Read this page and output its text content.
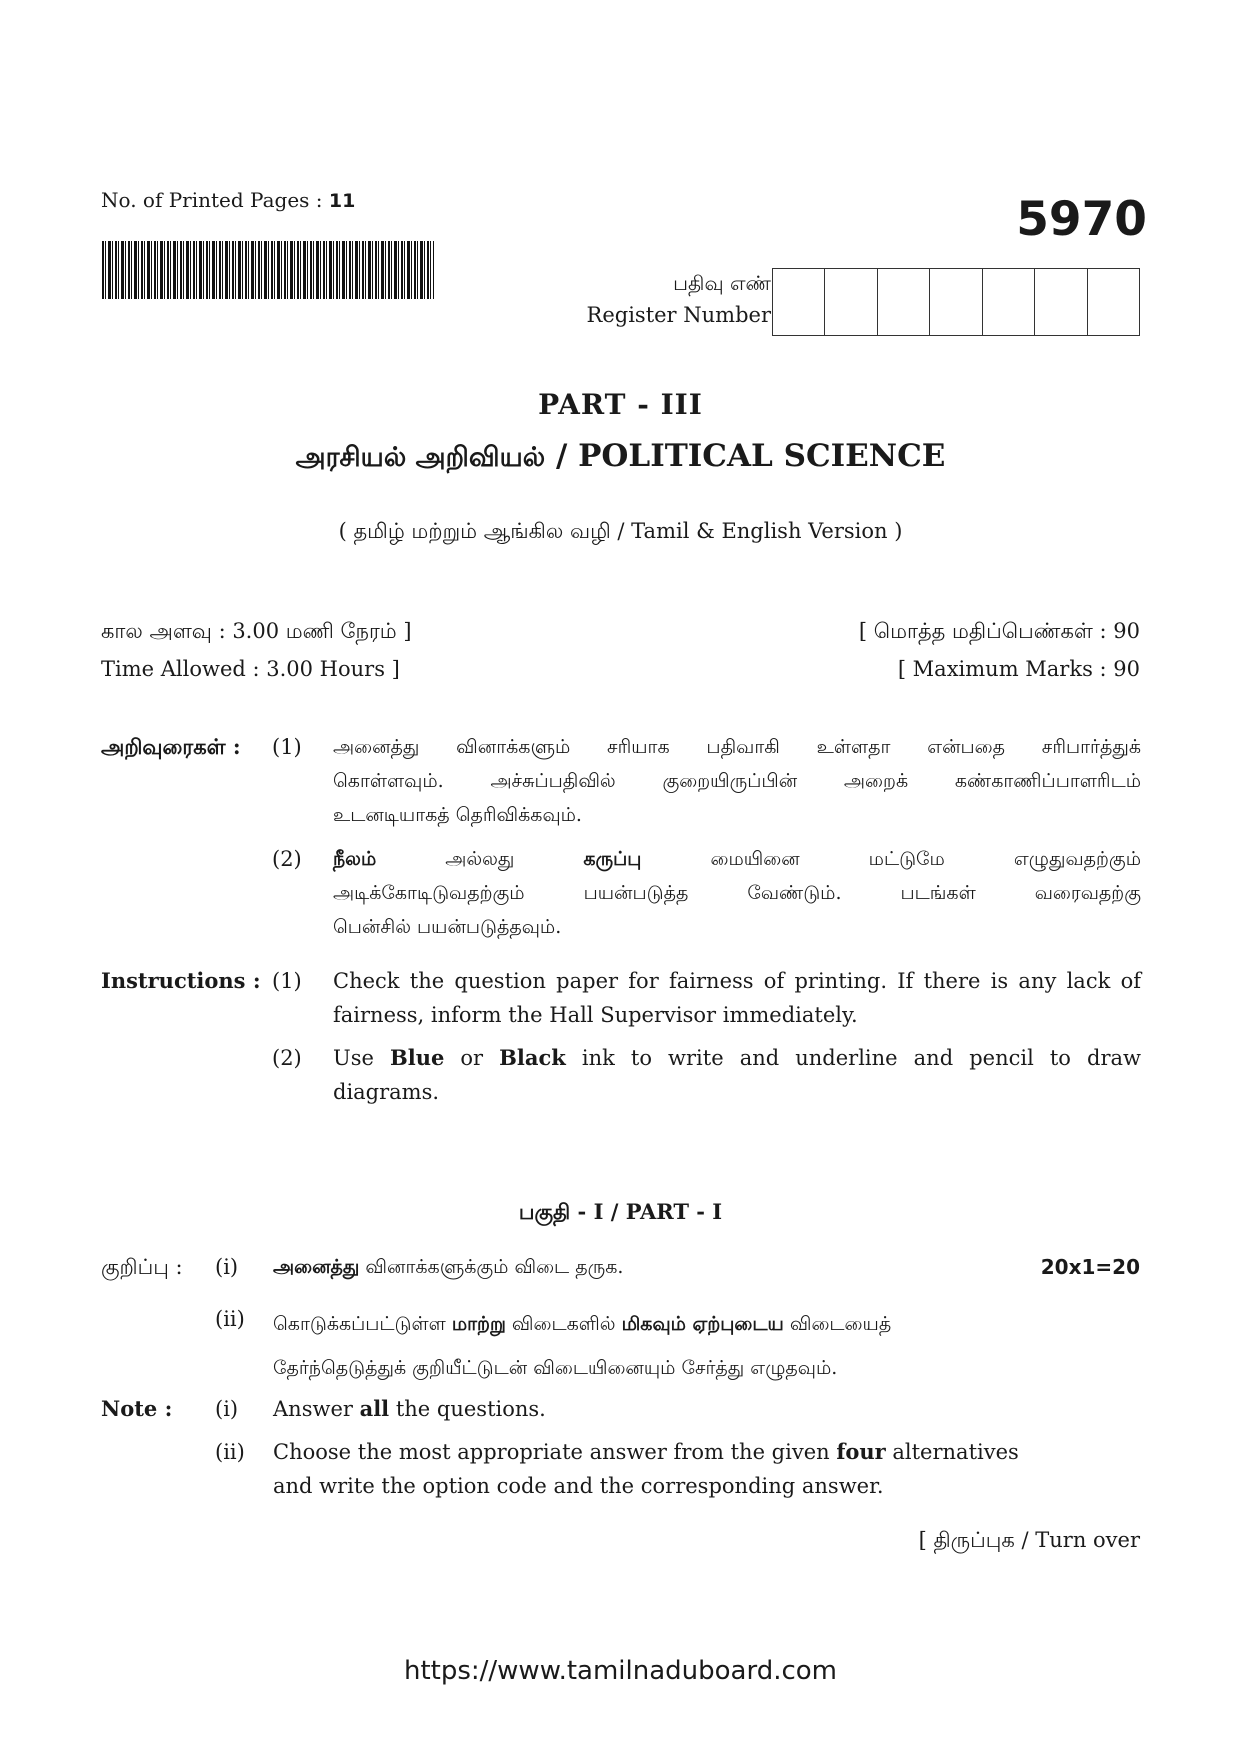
No. of Printed Pages : 11	5970
பதிவு எண்
Register Number
PART - III
அரசியல் அறிவியல் / POLITICAL SCIENCE
( தமிழ் மற்றும் ஆங்கில வழி / Tamil & English Version )
கால அளவு : 3.00 மணி நேரம் ]
Time Allowed : 3.00 Hours ]
[ மொத்த மதிப்பெண்கள் : 90
[ Maximum Marks : 90
அறிவுரைகள் : (1) அனைத்து வினாக்களும் சரியாக பதிவாகி உள்ளதா என்பதை சரிபார்த்துக்
கொள்ளவும். அச்சுப்பதிவில் குறையிருப்பின் அறைக் கண்காணிப்பாளரிடம்
உடனடியாகத் தெரிவிக்கவும்.
(2) நீலம்	அல்லது	கருப்பு	மையினை	மட்டுமே	எழுதுவதற்கும்
அடிக்கோடிடுவதற்கும் பயன்படுத்த வேண்டும். படங்கள் வரைவதற்கு
பென்சில் பயன்படுத்தவும்.
Instructions : (1) Check the question paper for fairness of printing. If there is any lack of
fairness, inform the Hall Supervisor immediately.
(2) Use Blue or Black ink to write and underline and pencil to draw
diagrams.
பகுதி - I / PART - I
குறிப்பு : (i) அனைத்து வினாக்களுக்கும் விடை தருக.	20x1=20
(ii) கொடுக்கப்பட்டுள்ள மாற்று விடைகளில் மிகவும் ஏற்புடைய விடையைத்
தேர்ந்தெடுத்துக் குறியீட்டுடன் விடையினையும் சேர்த்து எழுதவும்.
Note : (i) Answer all the questions.
(ii) Choose the most appropriate answer from the given four alternatives
and write the option code and the corresponding answer.
[ திருப்புக / Turn over
https://www.tamilnaduboard.com
